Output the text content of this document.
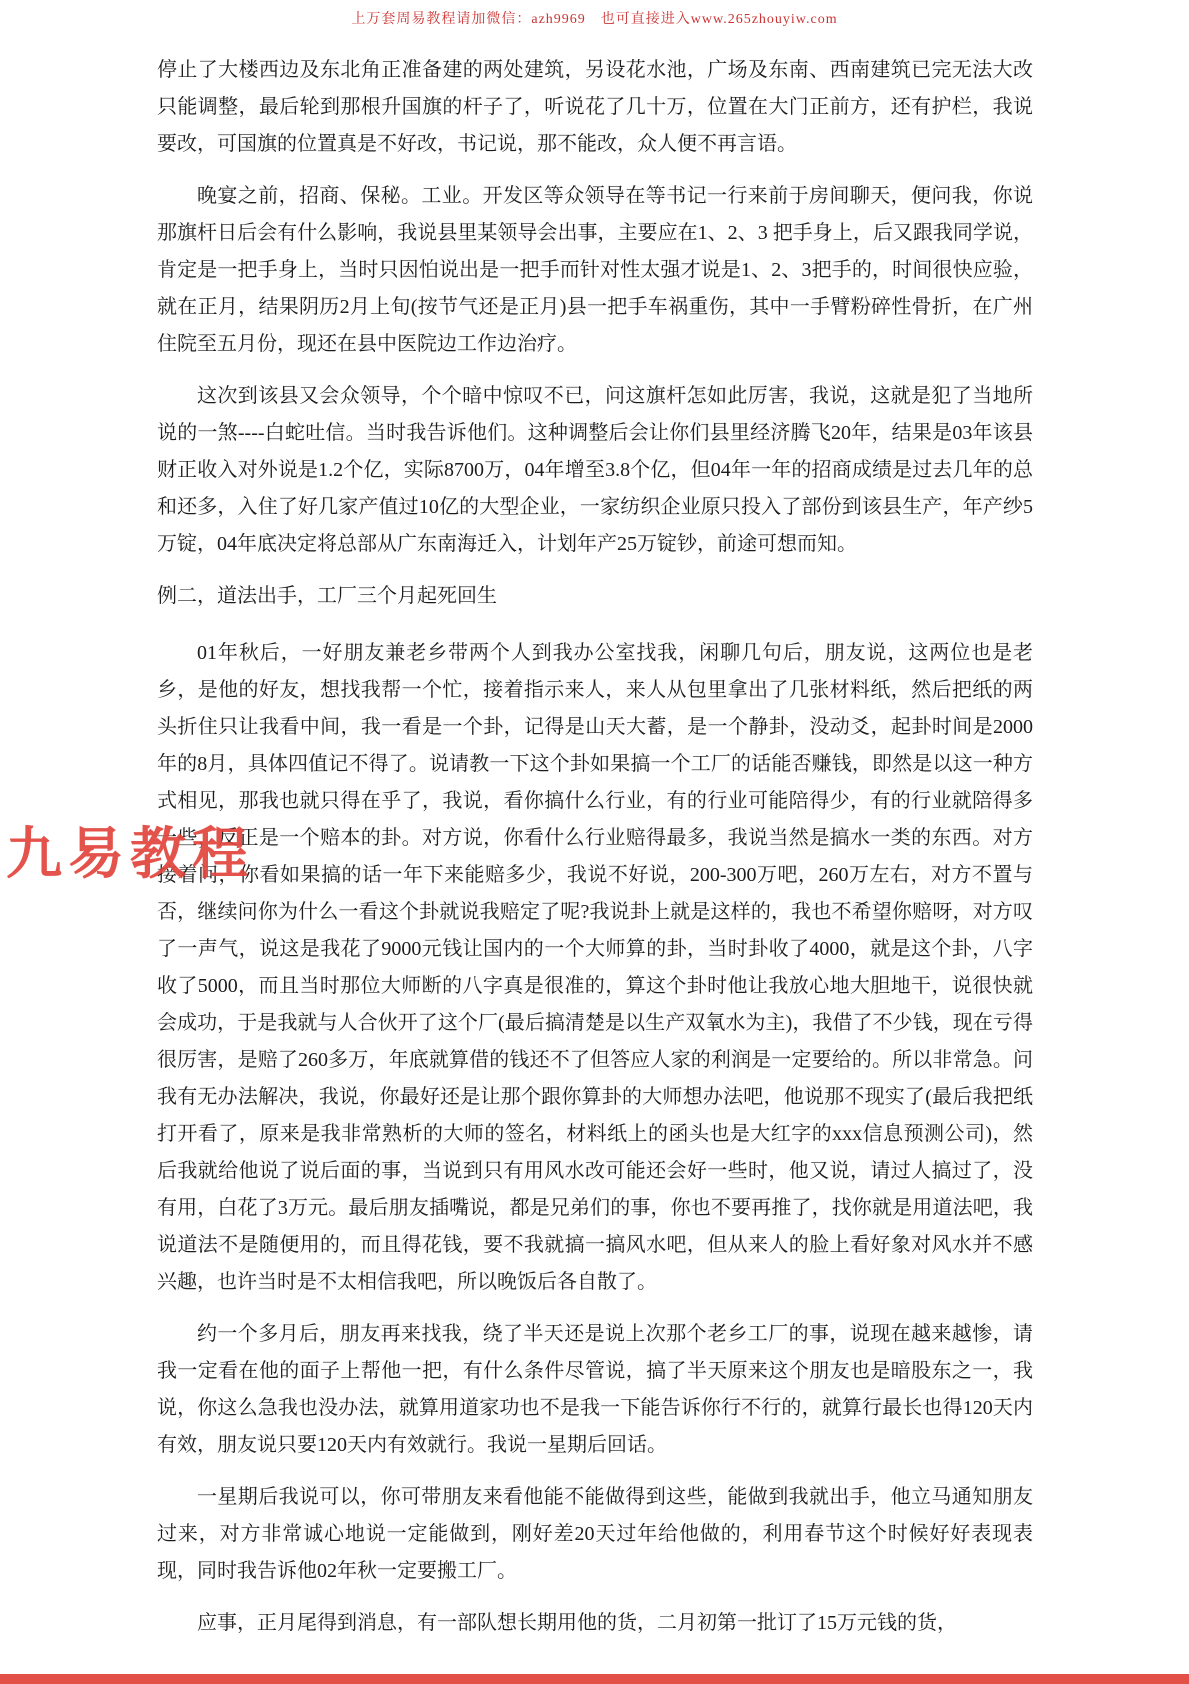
上万套周易教程请加微信：azh9969　也可直接进入www.265zhouyiw.com

停止了大楼西边及东北角正准备建的两处建筑，另设花水池，广场及东南、西南建筑已完无法大改只能调整，最后轮到那根升国旗的杆子了，听说花了几十万，位置在大门正前方，还有护栏，我说要改，可国旗的位置真是不好改，书记说，那不能改，众人便不再言语。

晚宴之前，招商、保秘。工业。开发区等众领导在等书记一行来前于房间聊天，便问我，你说那旗杆日后会有什么影响，我说县里某领导会出事，主要应在1、2、3 把手身上，后又跟我同学说，肯定是一把手身上，当时只因怕说出是一把手而针对性太强才说是1、2、3把手的，时间很快应验，就在正月，结果阴历2月上旬(按节气还是正月)县一把手车祸重伤，其中一手臂粉碎性骨折，在广州住院至五月份，现还在县中医院边工作边治疗。

这次到该县又会众领导，个个暗中惊叹不已，问这旗杆怎如此厉害，我说，这就是犯了当地所说的一煞----白蛇吐信。当时我告诉他们。这种调整后会让你们县里经济腾飞20年，结果是03年该县财正收入对外说是1.2个亿，实际8700万，04年增至3.8个亿，但04年一年的招商成绩是过去几年的总和还多，入住了好几家产值过10亿的大型企业，一家纺织企业原只投入了部份到该县生产，年产纱5万锭，04年底决定将总部从广东南海迁入，计划年产25万锭钞，前途可想而知。

例二，道法出手，工厂三个月起死回生

01年秋后，一好朋友兼老乡带两个人到我办公室找我，闲聊几句后，朋友说，这两位也是老乡，是他的好友，想找我帮一个忙，接着指示来人，来人从包里拿出了几张材料纸，然后把纸的两头折住只让我看中间，我一看是一个卦，记得是山天大蓄，是一个静卦，没动爻，起卦时间是2000年的8月，具体四值记不得了。说请教一下这个卦如果搞一个工厂的话能否赚钱，即然是以这一种方式相见，那我也就只得在乎了，我说，看你搞什么行业，有的行业可能陪得少，有的行业就陪得多一些，反正是一个赔本的卦。对方说，你看什么行业赔得最多，我说当然是搞水一类的东西。对方接着问，你看如果搞的话一年下来能赔多少，我说不好说，200-300万吧，260万左右，对方不置与否，继续问你为什么一看这个卦就说我赔定了呢?我说卦上就是这样的，我也不希望你赔呀，对方叹了一声气，说这是我花了9000元钱让国内的一个大师算的卦，当时卦收了4000，就是这个卦，八字收了5000，而且当时那位大师断的八字真是很准的，算这个卦时他让我放心地大胆地干，说很快就会成功，于是我就与人合伙开了这个厂(最后搞清楚是以生产双氧水为主)，我借了不少钱，现在亏得很厉害，是赔了260多万，年底就算借的钱还不了但答应人家的利润是一定要给的。所以非常急。问我有无办法解决，我说，你最好还是让那个跟你算卦的大师想办法吧，他说那不现实了(最后我把纸打开看了，原来是我非常熟析的大师的签名，材料纸上的函头也是大红字的xxx信息预测公司)，然后我就给他说了说后面的事，当说到只有用风水改可能还会好一些时，他又说，请过人搞过了，没有用，白花了3万元。最后朋友插嘴说，都是兄弟们的事，你也不要再推了，找你就是用道法吧，我说道法不是随便用的，而且得花钱，要不我就搞一搞风水吧，但从来人的脸上看好象对风水并不感兴趣，也许当时是不太相信我吧，所以晚饭后各自散了。

约一个多月后，朋友再来找我，绕了半天还是说上次那个老乡工厂的事，说现在越来越惨，请我一定看在他的面子上帮他一把，有什么条件尽管说，搞了半天原来这个朋友也是暗股东之一，我说，你这么急我也没办法，就算用道家功也不是我一下能告诉你行不行的，就算行最长也得120天内有效，朋友说只要120天内有效就行。我说一星期后回话。

一星期后我说可以，你可带朋友来看他能不能做得到这些，能做到我就出手，他立马通知朋友过来，对方非常诚心地说一定能做到，刚好差20天过年给他做的，利用春节这个时候好好表现表现，同时我告诉他02年秋一定要搬工厂。

应事，正月尾得到消息，有一部队想长期用他的货，二月初第一批订了15万元钱的货，

九易教程
